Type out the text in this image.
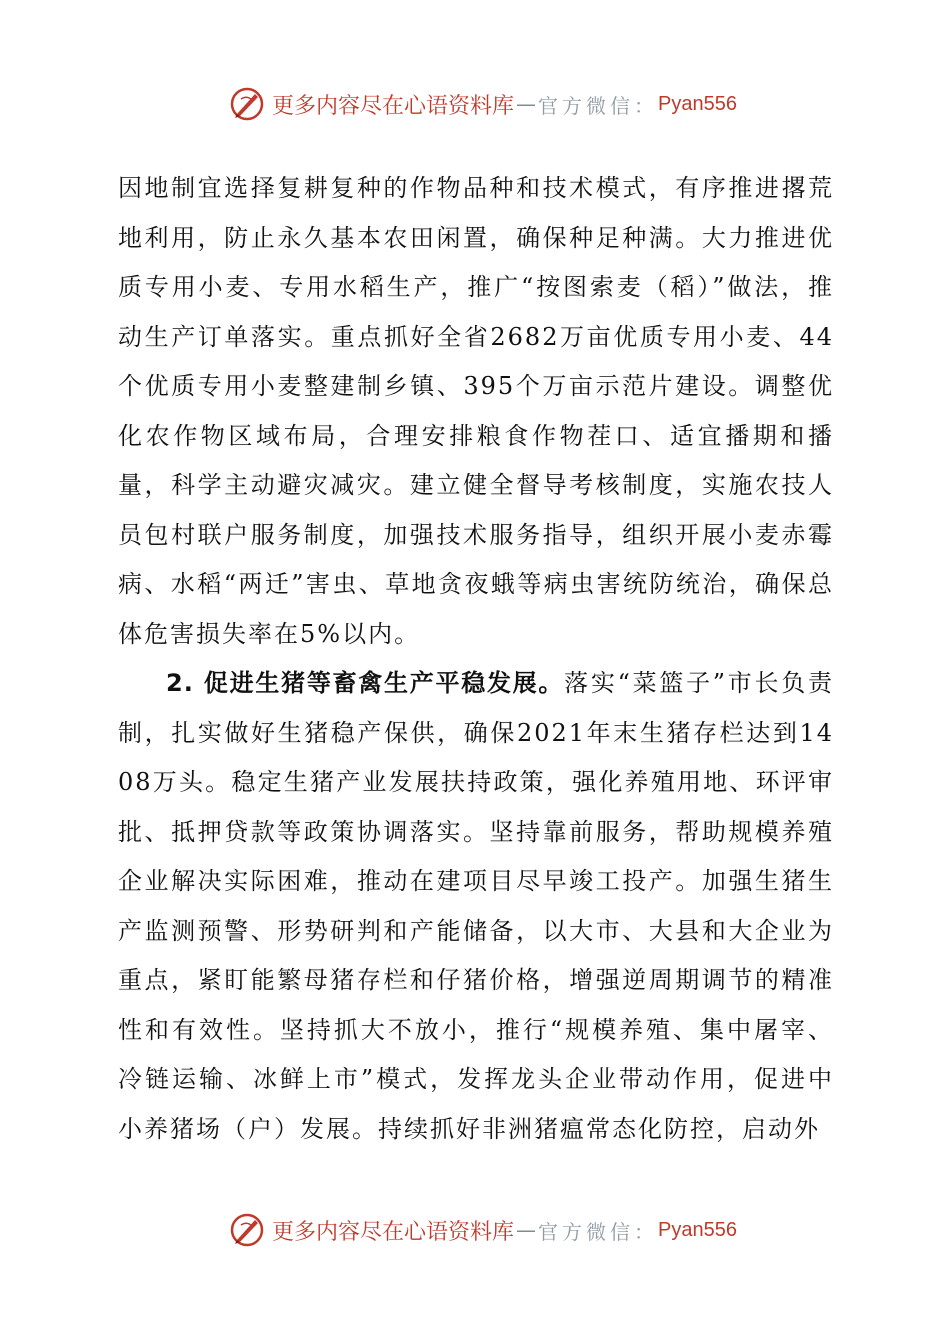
更多内容尽在心语资料库 — 官方微信： Pyan556

因地制宜选择复耕复种的作物品种和技术模式，有序推进撂荒地利用，防止永久基本农田闲置，确保种足种满。大力推进优质专用小麦、专用水稻生产，推广“按图索麦（稻）”做法，推动生产订单落实。重点抓好全省2682万亩优质专用小麦、44个优质专用小麦整建制乡镇、395个万亩示范片建设。调整优化农作物区域布局，合理安排粮食作物茬口、适宜播期和播量，科学主动避灾减灾。建立健全督导考核制度，实施农技人员包村联户服务制度，加强技术服务指导，组织开展小麦赤霉病、水稻“两迁”害虫、草地贪夜蛾等病虫害统防统治，确保总体危害损失率在5%以内。

2. 促进生猪等畜禽生产平稳发展。落实“菜篮子”市长负责制，扎实做好生猪稳产保供，确保2021年末生猪存栏达到1408万头。稳定生猪产业发展扶持政策，强化养殖用地、环评审批、抵押贷款等政策协调落实。坚持靠前服务，帮助规模养殖企业解决实际困难，推动在建项目尽早竣工投产。加强生猪生产监测预警、形势研判和产能储备，以大市、大县和大企业为重点，紧盯能繁母猪存栏和仔猪价格，增强逆周期调节的精准性和有效性。坚持抓大不放小，推行“规模养殖、集中屠宰、冷链运输、冰鲜上市”模式，发挥龙头企业带动作用，促进中小养猪场（户）发展。持续抓好非洲猪瘟常态化防控，启动外

更多内容尽在心语资料库 — 官方微信： Pyan556
